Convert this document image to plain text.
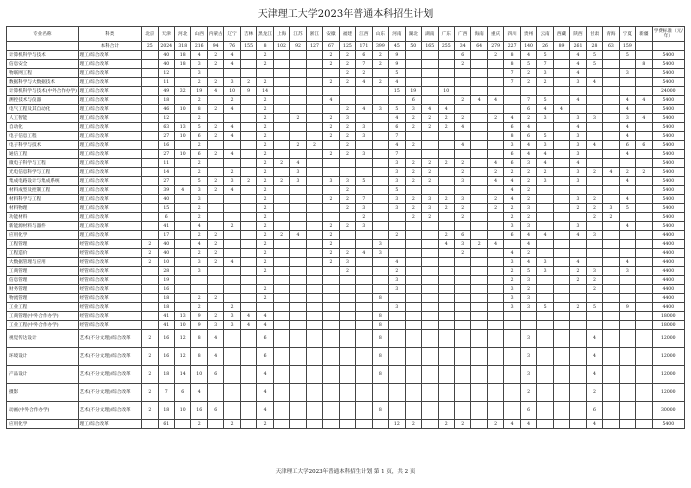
天津理工大学2023年普通本科招生计划
专业名称	科类	北京	天津	河北	山西	内蒙古	辽宁	吉林	黑龙江	上海	江苏	浙江	安徽	福建	江西	山东	河南	湖北	湖南	广东	广西	海南	重庆	四川	贵州	云南	西藏	陕西	甘肃	青海	宁夏	新疆	学费标准（元/年）
	本科合计	25	2024	318	216	94	76	155	8	102	92	127	67	125	171	399	45	50	165	255	34	64	279	227	140	26	89	261	28	63	159		
计算机科学与技术	理工/综合改革		40	18	4	2	4		2				2	2	6	2	9				6		2	8	4	5		4	5		5		5400
信息安全	理工/综合改革		40	18	3	2	4		2				2	2	7	2	9				2			8	5	7		4	5			8	5400
物联网工程	理工/综合改革		12		3									2	2		5							7	2	3		4			3		5400
数据科学与大数据技术	理工/综合改革		11		2	2	3	2	2				2	2	4	2	4							7	2	2		3	4				5400
计算机科学与技术(中外合作办学)	理工/综合改革		49	32	19	4	10	9	14								15	19		10													24000
测控技术与仪器	理工/综合改革		18		2		2		2				4					6			2	4	4		7	5		4			4	4	5400
电气工程及其自动化	理工/综合改革		46	10	8	2	4		2					2	4	3	5	3	4	4					6	4	4				4		5400
人工智能	理工/综合改革		12		2				2		2		2	3			4	2	2	2	2		2	4	2	3		3	3		3	4	5400
自动化	理工/综合改革		63	13	5	2	4		2				2	2	3		6	2	2	2	4			6	4			4			4		5400
电子信息工程	理工/综合改革		27	10	6	2	4		2				2	2	3		7							8	6	5		3			4		5400
电子科学与技术	理工/综合改革		16		2				2		2	2		2			4	2			4			3	4	3		3	4		6	6	5400
通信工程	理工/综合改革		27	10	6	2	4		2				2	2	3		7							6	4	4		3			4		5400
微电子科学与工程	理工/综合改革		11		2				2	2	4						3	2	2	2	2		4	6	3	4		4					5400
光电信息科学与工程	理工/综合改革		14		2		2		2		3						3	2	2		2		2	2	2	2		3	2	4	2	2	5400
集成电路设计与集成系统	理工/综合改革		27		5	2	3	2	2	2	3		3	3	5		3	2	2		3		4	4	2	3		3			4		5400
材料成型及控制工程	理工/综合改革		39	4	3	2	4		2					2			5							4	2								5400
材料科学与工程	理工/综合改革		40		3				2				2	2	7		3	2	3	2	3		2	4	2			3	2		4		5400
材料物理	理工/综合改革		15		2				2					2	3		3	2	3	2	2		2	2	3			2	2	3	5		5400
功能材料	理工/综合改革		6		2				2						2			2	2		2			2	2				2	2			5400
新能源材料与器件	理工/综合改革		41		4		2		2				2	2	3									3	3			3			4		5400
应用化学	理工/综合改革		17		2	2			2	2	4		2				2			2	6			6	4	4		4	3				4400
工程管理	经管/综合改革	2	40		4	2			2				2			3				4	3	2	4		4								4400
工程造价	经管/综合改革	2	40		2	2			2				2	2	4	3					2			4	2								4400
大数据管理与应用	经管/综合改革	2	10		3	2	4		2				2	3			4							3	4	3		4			4		4400
工商管理	经管/综合改革		28		3				2					2			2							2	5	3		2	3		3		4400
信息管理	经管/综合改革		19														3							2	3			2	2				4400
财务管理	经管/综合改革		16						2								3							3	2				2				4400
物流管理	经管/综合改革		18		2	2			2							8								3	3								4400
工业工程	经管/综合改革		18		2		2										3							3	3	5		2	5		9		4400
工商管理(中外合作办学)	经管/综合改革		41	13	9	2	3	4	4							8																	18000
工业工程(中外合作办学)	经管/综合改革		41	10	9	3	3	4	4							8																	18000
视觉传达设计	艺术(不分文理)/综合改革	2	16	12	8	4			6							8									3				4				12000
环境设计	艺术(不分文理)/综合改革	2	16	12	8	4			6							8									3				4				12000
产品设计	艺术(不分文理)/综合改革	2	18	14	10	6			4							8									3				4				12000
摄影	艺术(不分文理)/综合改革	2	7	6	4				4																2				2				12000
动画(中外合作办学)	艺术(不分文理)/综合改革	2	18	10	16	6			4							8									6				6				30000
应用化学	理工/综合改革		61		2		2		2								12	2		2	2		2	4	4				4				5400
天津理工大学2023年普通本科招生计划 第 1 页，共 2 页
